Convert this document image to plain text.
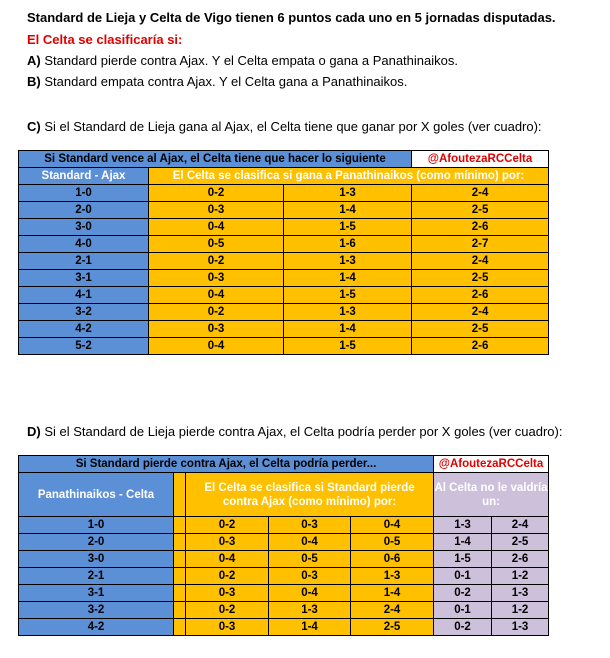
Standard de Lieja y Celta de Vigo tienen 6 puntos cada uno en 5 jornadas disputadas.
El Celta se clasificaría si:
A) Standard pierde contra Ajax. Y el Celta empata o gana a Panathinaikos.
B) Standard empata contra Ajax. Y el Celta gana a Panathinaikos.
C) Si el Standard de Lieja gana al Ajax, el Celta tiene que ganar por X goles (ver cuadro):
Si Standard vence al Ajax, el Celta tiene que hacer lo siguiente			@AfoutezaRCCelta
Standard - Ajax	El Celta se clasifica si gana a Panathinaikos (como mínimo) por:		
1-0	0-2	1-3	2-4
2-0	0-3	1-4	2-5
3-0	0-4	1-5	2-6
4-0	0-5	1-6	2-7
2-1	0-2	1-3	2-4
3-1	0-3	1-4	2-5
4-1	0-4	1-5	2-6
3-2	0-2	1-3	2-4
4-2	0-3	1-4	2-5
5-2	0-4	1-5	2-6
D) Si el Standard de Lieja pierde contra Ajax, el Celta podría perder por X goles (ver cuadro):
Si Standard pierde contra Ajax, el Celta podría perder...					@AfoutezaRCCelta	
Panathinaikos - Celta		El Celta se clasifica si Standard pierde contra Ajax (como mínimo) por:			Al Celta no le valdría un:	
1-0		0-2	0-3	0-4	1-3	2-4
2-0		0-3	0-4	0-5	1-4	2-5
3-0		0-4	0-5	0-6	1-5	2-6
2-1		0-2	0-3	1-3	0-1	1-2
3-1		0-3	0-4	1-4	0-2	1-3
3-2		0-2	1-3	2-4	0-1	1-2
4-2		0-3	1-4	2-5	0-2	1-3
